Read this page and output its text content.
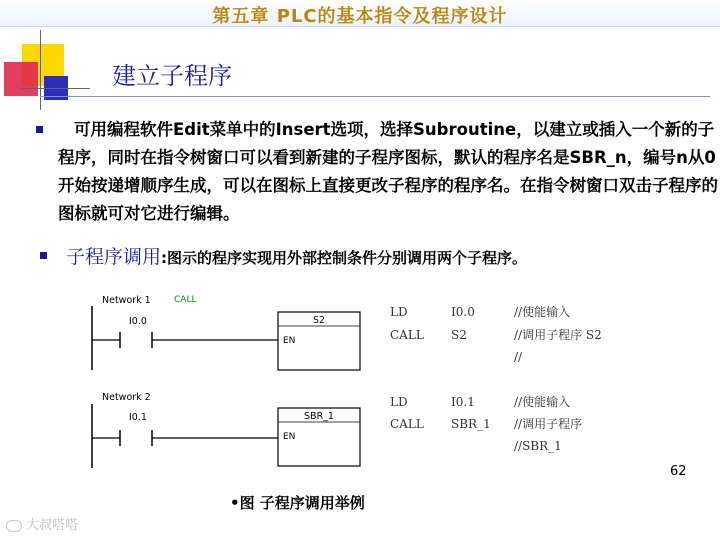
第五章 PLC的基本指令及程序设计
建立子程序
可用编程软件Edit菜单中的Insert选项，选择Subroutine，以建立或插入一个新的子程序，同时在指令树窗口可以看到新建的子程序图标，默认的程序名是SBR_n，编号n从0开始按递增顺序生成，可以在图标上直接更改子程序的程序名。在指令树窗口双击子程序的图标就可对它进行编辑。
子程序调用:图示的程序实现用外部控制条件分别调用两个子程序。
Network 1	CALL
I0.0	S2
EN
Network 2
I0.1	SBR_1
EN
LD	I0.0	//使能输入
CALL S2	//调用子程序 S2
//
LD	I0.1	//使能输入
CALL SBR_1 //调用子程序
//SBR_1
62
•图 子程序调用举例
大叔嗒嗒
